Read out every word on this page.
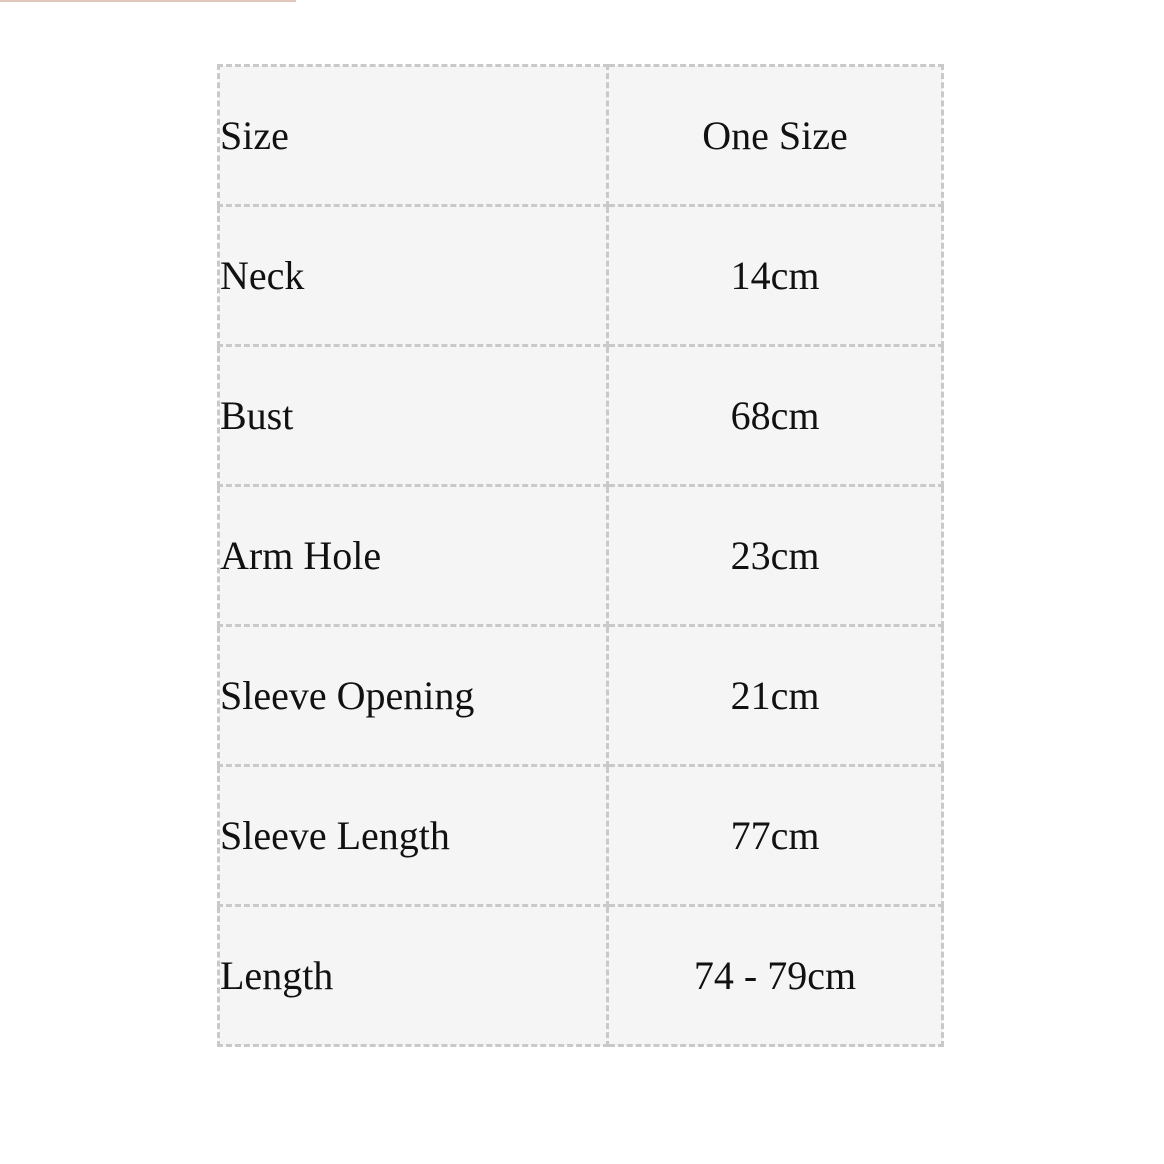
Size	One Size
Neck	14cm
Bust	68cm
Arm Hole	23cm
Sleeve Opening	21cm
Sleeve Length	77cm
Length	74 - 79cm
